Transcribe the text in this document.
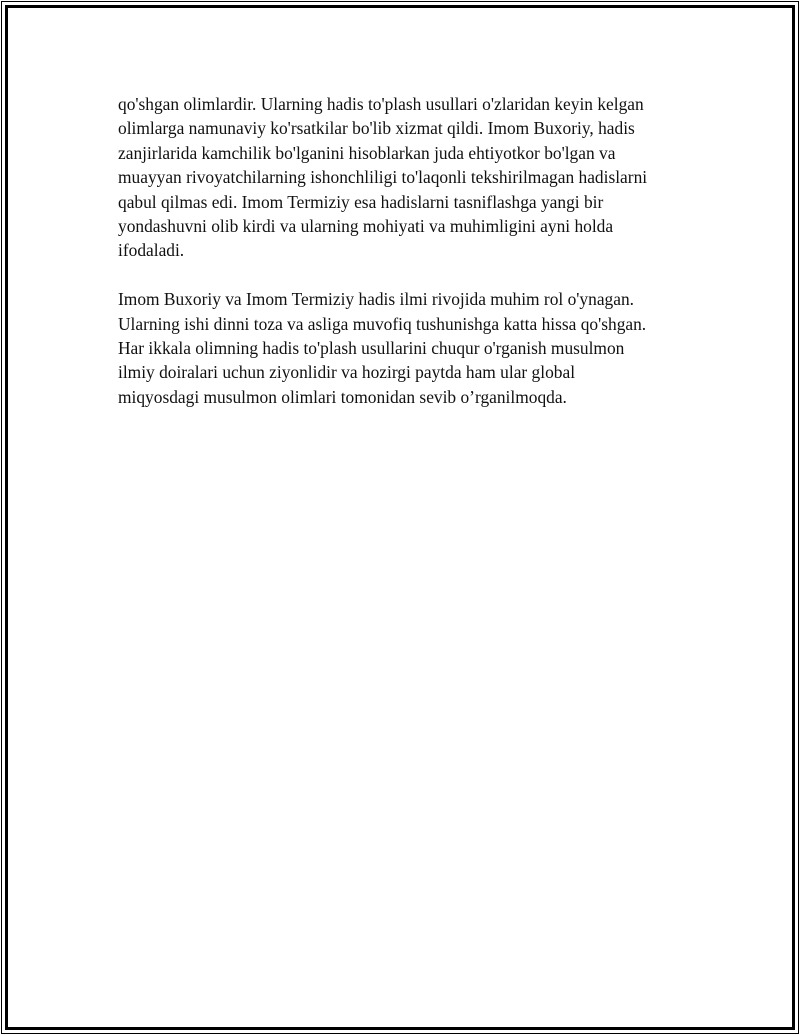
qo'shgan olimlardir. Ularning hadis to'plash usullari o'zlaridan keyin kelgan
olimlarga namunaviy ko'rsatkilar bo'lib xizmat qildi. Imom Buxoriy, hadis
zanjirlarida kamchilik bo'lganini hisoblarkan juda ehtiyotkor bo'lgan va
muayyan rivoyatchilarning ishonchliligi to'laqonli tekshirilmagan hadislarni
qabul qilmas edi. Imom Termiziy esa hadislarni tasniflashga yangi bir
yondashuvni olib kirdi va ularning mohiyati va muhimligini ayni holda
ifodaladi.

Imom Buxoriy va Imom Termiziy hadis ilmi rivojida muhim rol o'ynagan.
Ularning ishi dinni toza va asliga muvofiq tushunishga katta hissa qo'shgan.
Har ikkala olimning hadis to'plash usullarini chuqur o'rganish musulmon
ilmiy doiralari uchun ziyonlidir va hozirgi paytda ham ular global
miqyosdagi musulmon olimlari tomonidan sevib o’rganilmoqda.
